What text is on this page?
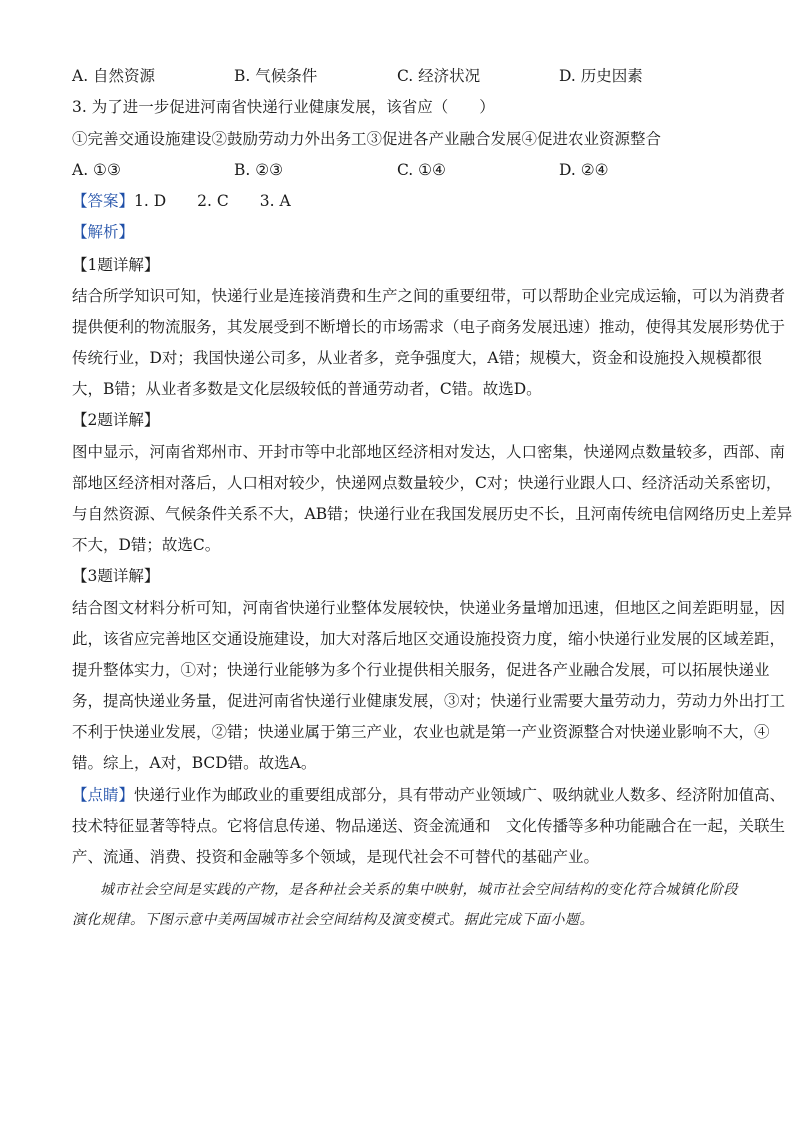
A. 自然资源	B. 气候条件	C. 经济状况	D. 历史因素
3. 为了进一步促进河南省快递行业健康发展，该省应（　　）
①完善交通设施建设②鼓励劳动力外出务工③促进各产业融合发展④促进农业资源整合
A. ①③	B. ②③	C. ①④	D. ②④
【答案】1. D　　2. C　　3. A
【解析】
【1题详解】
结合所学知识可知，快递行业是连接消费和生产之间的重要纽带，可以帮助企业完成运输，可以为消费者
提供便利的物流服务，其发展受到不断增长的市场需求（电子商务发展迅速）推动，使得其发展形势优于
传统行业，D对；我国快递公司多，从业者多，竞争强度大，A错；规模大，资金和设施投入规模都很
大，B错；从业者多数是文化层级较低的普通劳动者，C错。故选D。
【2题详解】
图中显示，河南省郑州市、开封市等中北部地区经济相对发达，人口密集，快递网点数量较多，西部、南
部地区经济相对落后，人口相对较少，快递网点数量较少，C对；快递行业跟人口、经济活动关系密切，
与自然资源、气候条件关系不大，AB错；快递行业在我国发展历史不长，且河南传统电信网络历史上差异
不大，D错；故选C。
【3题详解】
结合图文材料分析可知，河南省快递行业整体发展较快，快递业务量增加迅速，但地区之间差距明显，因
此，该省应完善地区交通设施建设，加大对落后地区交通设施投资力度，缩小快递行业发展的区域差距，
提升整体实力，①对；快递行业能够为多个行业提供相关服务，促进各产业融合发展，可以拓展快递业
务，提高快递业务量，促进河南省快递行业健康发展，③对；快递行业需要大量劳动力，劳动力外出打工
不利于快递业发展，②错；快递业属于第三产业，农业也就是第一产业资源整合对快递业影响不大，④
错。综上，A对，BCD错。故选A。
【点睛】快递行业作为邮政业的重要组成部分，具有带动产业领域广、吸纳就业人数多、经济附加值高、
技术特征显著等特点。它将信息传递、物品递送、资金流通和　文化传播等多种功能融合在一起，关联生
产、流通、消费、投资和金融等多个领域，是现代社会不可替代的基础产业。
城市社会空间是实践的产物，是各种社会关系的集中映射，城市社会空间结构的变化符合城镇化阶段
演化规律。下图示意中美两国城市社会空间结构及演变模式。据此完成下面小题。
